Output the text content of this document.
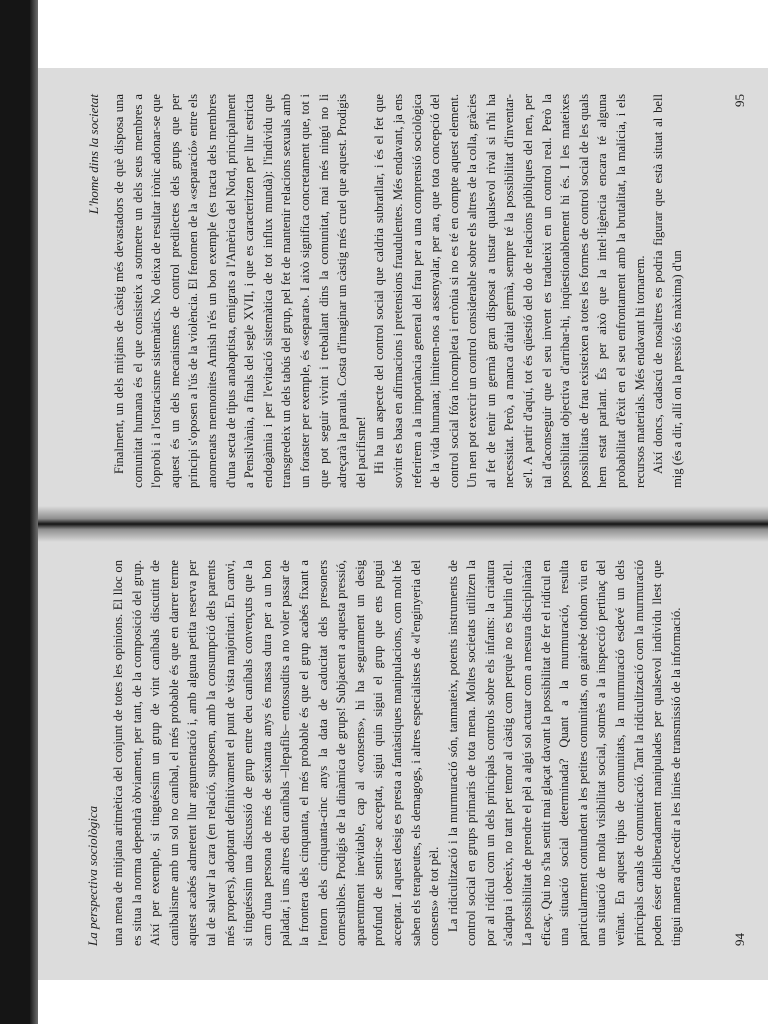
La perspectiva sociològica una mena de mitjana aritmètica del conjunt de totes les opinions. El lloc on es situa la norma dependrà òbviament, per tant, de la composició del grup. Així per exemple, si tinguéssim un grup de vint caníbals discutint de canibalisme amb un sol no caníbal, el més probable és que en darrer terme aquest acabés admetent llur argumentació i, amb alguna petita reserva per tal de salvar la cara (en relació, suposem, amb la consumpció dels parents més propers), adoptant definitivament el punt de vista majoritari. En canvi, si tinguéssim una discussió de grup entre deu caníbals convençuts que la carn d'una persona de més de seixanta anys és massa dura per a un bon paladar, i uns altres deu caníbals –llepafils– entossudits a no voler passar de la frontera dels cinquanta, el més probable és que el grup acabés fixant a l'entorn dels cinquanta-cinc anys la data de caducitat dels presoners comestibles. Prodigis de la dinàmica de grups! Subjacent a aquesta pressió, aparentment inevitable, cap al «consens», hi ha segurament un desig profund de sentir-se acceptat, sigui quin sigui el grup que ens pugui acceptar. I aquest desig es presta a fantàstiques manipulacions, com molt bé saben els terapeutes, els demagogs, i altres especialistes de «l'enginyeria del consens» de tot pèl. La ridiculització i la murmuració són, tanmateix, potents instruments de control social en grups primaris de tota mena. Moltes societats utilitzen la por al ridícul com un dels principals controls sobre els infants: la criatura s'adapta i obeeix, no tant per temor al càstig com perquè no es burlin d'ell. La possibilitat de prendre el pèl a algú sol actuar com a mesura disciplinària eficaç. Qui no s'ha sentit mai glaçat davant la possibilitat de fer el ridícul en una situació social determinada? Quant a la murmuració, resulta particularment contundent a les petites comunitats, on gairebé tothom viu en una situació de molta visibilitat social, sotmès a la inspecció pertinaç del veïnat. En aquest tipus de comunitats, la murmuració esdevé un dels principals canals de comunicació. Tant la ridiculització com la murmuració poden ésser deliberadament manipulades per qualsevol individu llest que tingui manera d'accedir a les línies de transmissió de la informació.	94
L'home dins la societat Finalment, un dels mitjans de càstig més devastadors de què disposa una comunitat humana és el que consisteix a sotmetre un dels seus membres a l'oprobi i a l'ostracisme sistemàtics. No deixa de resultar irònic adonar-se que aquest és un dels mecanismes de control predilectes dels grups que per principi s'oposen a l'ús de la violència. El fenomen de la «separació» entre els anomenats mennonites Amish n'és un bon exemple (es tracta dels membres d'una secta de tipus anabaptista, emigrats a l'Amèrica del Nord, principalment a Pensilvània, a finals del segle XVII, i que es caracteritzen per llur estricta endogàmia i per l'evitació sistemàtica de tot influx mundà): l'individu que transgredeix un dels tabús del grup, pel fet de mantenir relacions sexuals amb un foraster per exemple, és «separat». I això significa concretament que, tot i que pot seguir vivint i treballant dins la comunitat, mai més ningú no li adreçarà la paraula. Costa d'imaginar un càstig més cruel que aquest. Prodigis del pacifisme! Hi ha un aspecte del control social que caldria subratllar, i és el fet que sovint es basa en afirmacions i pretensions fraudulentes. Més endavant, ja ens referirem a la importància general del frau per a una comprensió sociològica de la vida humana; limitem-nos a assenyalar, per ara, que tota concepció del control social fóra incompleta i errònia si no es té en compte aquest element. Un nen pot exercir un control considerable sobre els altres de la colla, gràcies al fet de tenir un germà gran disposat a tustar qualsevol rival si n'hi ha necessitat. Però, a manca d'aital germà, sempre té la possibilitat d'inventar-se'l. A partir d'aquí, tot és qüestió del do de relacions públiques del nen, per tal d'aconseguir que el seu invent es tradueixi en un control real. Però la possibilitat objectiva d'arribar-hi, inqüestionablement hi és. I les mateixes possibilitats de frau existeixen a totes les formes de control social de les quals hem estat parlant. És per això que la intel·ligència encara té alguna probabilitat d'èxit en el seu enfrontament amb la brutalitat, la malícia, i els recursos materials. Més endavant hi tornarem. Així doncs, cadascú de nosaltres es podria figurar que està situat al bell mig (és a dir, allí on la pressió és màxima) d'un

95
